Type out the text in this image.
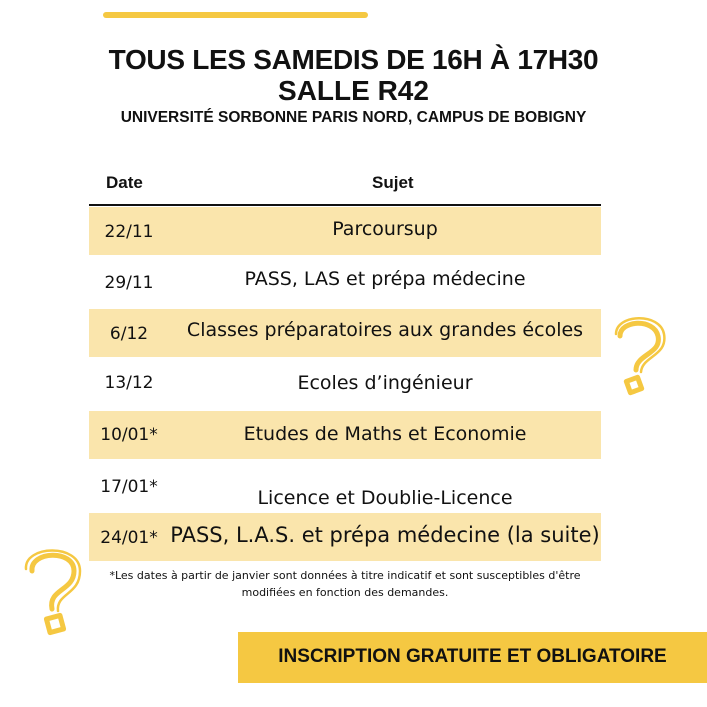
TOUS LES SAMEDIS DE 16H À 17H30
SALLE R42
UNIVERSITÉ SORBONNE PARIS NORD, CAMPUS DE BOBIGNY
Date	Sujet
22/11	Parcoursup
29/11	PASS, LAS et prépa médecine
6/12	Classes préparatoires aux grandes écoles
13/12	Ecoles d’ingénieur
10/01*	Etudes de Maths et Economie
17/01*	Licence et Doublie-Licence
24/01* PASS, L.A.S. et prépa médecine (la suite)
*Les dates à partir de janvier sont données à titre indicatif et sont susceptibles d'être
modifiées en fonction des demandes.
INSCRIPTION GRATUITE ET OBLIGATOIRE
